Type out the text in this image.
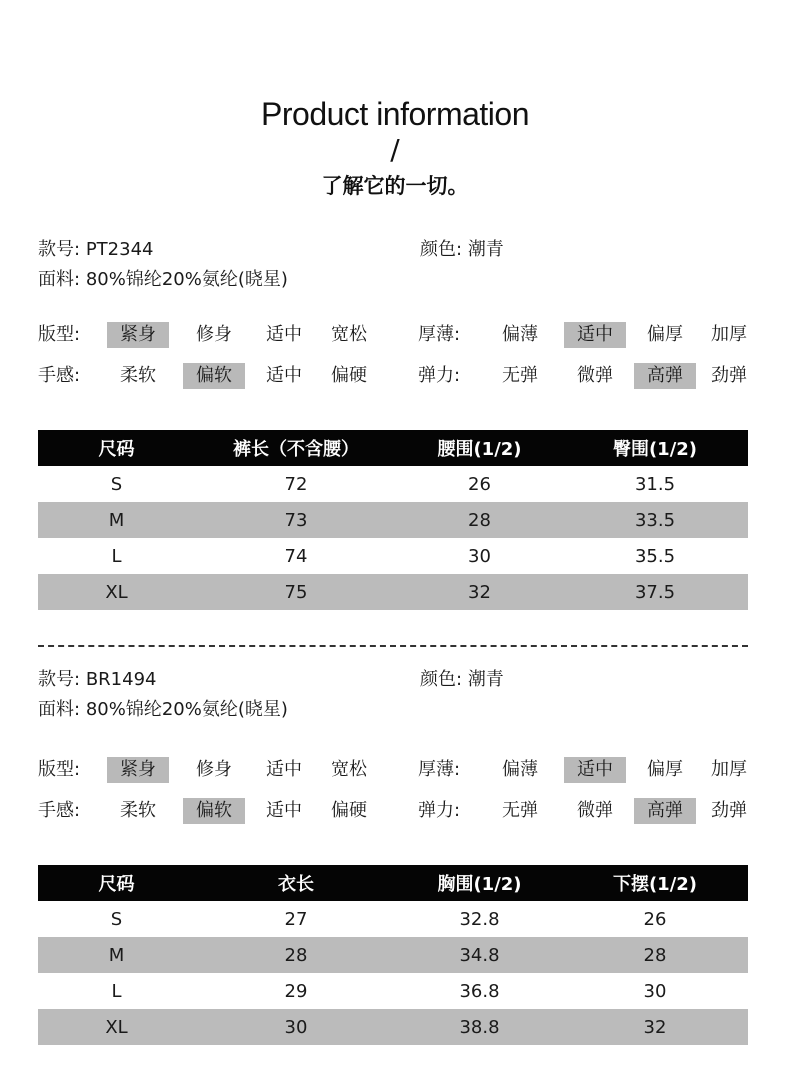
Product information
/
了解它的一切。
款号: PT2344	颜色: 潮青
面料: 80%锦纶20%氨纶(晓星)
版型:	紧身	修身	适中	宽松	厚薄:	偏薄	适中	偏厚	加厚
手感:	柔软	偏软	适中	偏硬	弹力:	无弹	微弹	高弹	劲弹
尺码	裤长（不含腰）	腰围(1/2)	臀围(1/2)
S	72	26	31.5
M	73	28	33.5
L	74	30	35.5
XL	75	32	37.5
款号: BR1494	颜色: 潮青
面料: 80%锦纶20%氨纶(晓星)
版型:	紧身	修身	适中	宽松	厚薄:	偏薄	适中	偏厚	加厚
手感:	柔软	偏软	适中	偏硬	弹力:	无弹	微弹	高弹	劲弹
尺码	衣长	胸围(1/2)	下摆(1/2)
S	27	32.8	26
M	28	34.8	28
L	29	36.8	30
XL	30	38.8	32
